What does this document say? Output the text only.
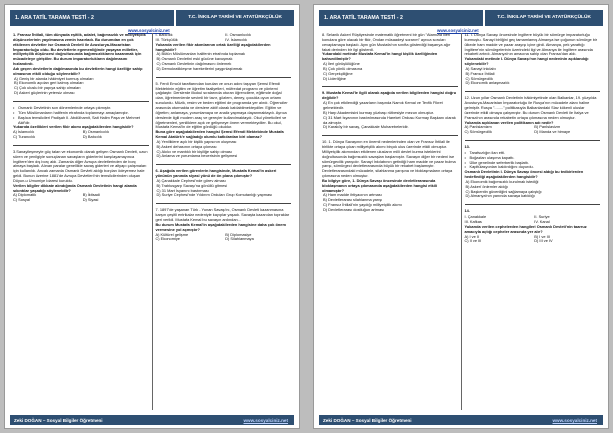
1. ARA TATİL TARAMA TESTİ - 2	T.C. İNKILAP TARİHİ VE ATATÜRKÇÜLÜK
www.sosyalciniz.net
1. Fransız İhtilali, tüm dünyada eşitlik, adalet, bağımsızlık ve milliyetçilik düşüncelerinin yayılmasına zemin hazırladı. Bu durumdan en çok etkilenen devletler ise Osmanlı Devleti ile Avusturya-Macaristan İmparatorluğu oldu. Bu devletlerin egemenliğinde yaşayan milletler, milliyetçilik düşüncesi doğrultusunda bağımsızlıklarını kazanmak için mücadeleye giriştiler. Bu durum imparatorlukların dağılmasını hızlandırdı.
Adı geçen devletlerin dağılmasında bu devletlerin hangi özelliğe sahip olmasının etkili olduğu söylenebilir?
A) Geniş bir alanda hâkimiyet kurmuş olmaları
B) Ekonomik açıdan geri kalmış olmaları
C) Çok uluslu bir yapıya sahip olmaları
D) Askeri güçlerinin yetersiz olması
• Osmanlı Devletinin son dönemlerinde ortaya çıkmıştır.
• Tüm Müslümanların halifenin etrafında toplanmayı amaçlamıştır.
• Başlıca temsilcileri Padişah II. Abdülhamit, Sait Halim Paşa ve Mehmet Akif'dir.
Yukarıda özellikleri verilen fikir akımı aşağıdakilerden hangisidir?
A) İslamcılık	B) Osmanlıcılık
C) Turancılık	D) Batıcılık
3.Sanayileşmeyle güç talan ve ekonomik olarak gelişen Osmanlı Devleti, uzun süren ve yenilgiyle sonuçlanan savaşların giderlerini karşılayamayınca İngiltere'den dış borç aldı. Zamanla diğer Avrupa devletlerinden de borç almaya başladı. Alınan paralar genellikle savaş giderleri ve altyapı çalışmaları için kullanıldı. Ancak zamanla Osmanlı Devleti aldığı borçları ödeyemez hale geldi. Bunun üzerine 1881'de Avrupa Devletleri'nin temsilcilerinden oluşan Düyun-u Umumiye İdaresi kuruldu.
Verilen bilgiler dikkate alındığında Osmanlı Devletinin hangi alanda sıkıntılar yaşadığı söylenebilir?
A) Diplomatik	B) İktisadi
C) Sosyal	D) Siyasi
I. Batıcılık	II. Osmanlıcılık
III. Türkçülük	IV. İslamcılık
Yukarıda verilen fikir akımlarının ortak özelliği aşağıdakilerden hangisidir?
A) Bütün Müslümanları halifenin etrafında toplamak
B) Osmanlı Devletini eski gücüne kavuşmak
C) Osmanlı Devletinin dağılmasını önlemek
D) Demokratikleşme hareketlerini yaygınlaştırmak
5. Ferdi Emcüt taraftarından kurulan ve onun adını taşıyan Şemsi Efendi Mektebinin eğitim ve öğretim faaliyetleri, müfredat programı ve yöntemi çağdaştır. Derslerde ilkokul sıralarında oturan öğrencilere, eğitimde doğal olan, öğretmenlerde sevimli bir tavır, gözlem, deney, çocukla oyun ortamı sunulurdu. Müzik, resim ve beden eğitimi de programda yer alırdı. Öğrenciler arasında oturmakta ve derslere aktif olarak katılabilmekteydiler. Eğitim ve öğretim; anlamaya, yorumlamaya ve analiz yapmaya dayanmaktaydı. Ayrıca derslerde ilgili modern araç ve gereçler kullanılmaktaydı. Okul yöneticileri ve öğretmenleri, yeniliklere açık ve gelişmeye önem vermekteydiler. Bu okul, Mustafa Kemal'in de eğitim gördüğü okuldur.
Buna göre aşağıdakilerden hangisi Şemsi Efendi Mektebinde Mustafa Kemal Atatürk'e sağladığı olumlu katkılardan biri olamaz?
A) Yeniliklere açık bir kişilik yapısının oluşması
B) Askeri dehasının ortaya çıkması
C) Akılcı ve mantıklı bir kişiliğe sahip olması
D) Anlama ve yorumlama becerisinin gelişmesi
6. Aşağıda verilen görevlerin hangisinde, Mustafa Kemal'in askeri yönünün yanında siyasi yönü de ön plana çıkmıştır?
A) Çanakkale Cephesi'nde görev alması
B) Trablusgarp Savaşı'na gönüllü gitmesi
C) 31 Mart İsyanını bastırması
D) Suriye Cephesi'nde Yıldırım Orduları Grup Komutanlığı yapması
7. 1897'de yaşanan Türk - Yunan Savaşı'nı, Osmanlı Devleti kazanmasına karşın çeşitli entrikalar nedeniyle kayıplar yaşadı. Savaşta kazanılan topraklar geri verildi. Mustafa Kemal bu savaşın ardından...
Bu durum Mustafa Kemal'in aşağıdakilerden hangisine daha çok önem vermesine yol açmıştır?
A) Kültürel gelişme	B) Diplomasiye
C) Ekonomiye	D) Silahlanmaya
Zeki DOĞAN – Sosyal Bilgiler Öğretmeni	www.sosyalciniz.net
1. ARA TATİL TARAMA TESTİ - 2	T.C. İNKILAP TARİHİ VE ATATÜRKÇÜLÜK
www.sosyalciniz.net
8. Selanik Askeri Rüştiyesinde matematik öğretmeni bir gün "Atamızla illeri konulara göre olacak bir fikir, Ondan müsaadeyi sorarım" ayrıca soruları cevaplamaya başladı. Aynı gün Mustafa'nın sınıfta gösterdiği başarıya ağır fakat derinden bir ilgi gösterdi.
Yukarıdaki metinde Mustafa Kemal'in hangi kişilik özelliğinden bahsedilmiştir?
A) İleri görüşlülüğüne
B) Çok yönlü olmasına
C) Gerçekçiliğine
D) Liderliğine
9. Mustafa Kemal'le ilgili olarak aşağıda verilen bilgilerden hangisi doğru değildir?
A) En çok etkilendiği yazarların başında Namık Kemal ve Tevfik Fikret gelmektedir.
B) Harp Akademisini kurmay yüzbaşı rütbesiyle mezun olmuştur.
C) 31 Mart İsyanının bastırılmasında Hareket Ordusu Kurmay Başkanı olarak da almıştır.
D) Karaköy bir savaş, Çanakkale Muharebeleridir.
10. 1. Dünya Savaşının en önemli nedenlerinden olan ve Fransız İhtilali ile birlikte ortaya çıkan milliyetçilik akımı birçok ulus üzerinde etkili olmuştur. Milliyetçilik akımından etkilenen ulusların milli devlet kurma isteklerini doğrultusunda bağımsızlık savaşları başlamıştır. Savaşın diğer bir nedeni ise sömürgecilik yarışıdır. Sanayi İnkılabının getirdiği ham madde ve pazar bulma yarışı, sömürgeci devletlerarasında büyük bir rekabet başlamıştır. Devletlerarasındaki mücadele, silahlanma yarışına ve bloklaşmaların ortaya çıkmasına neden olmuştur.
Bu bilgiye göre, 1. Dünya Savaşı öncesinde devletlerarasında bloklaşmanın ortaya çıkmasında aşağıdakilerden hangisi etkili olmamıştır?
A) Ham madde ihtiyacının artması
B) Devletlerarası silahlanma yarışı
C) Fransız İhtilali'nin yaydığı milliyetçilik akımı
D) Devletlerarası dostluğun artması
11. I. Dünya Savaşı öncesinde İngiltere büyük bir sömürge imparatorluğu kurmuştu. Sanayi birliğini geç tamamlamış Almanya ise çoğunun sömürge bir ülkede ham madde ve pazar arayışı içine girdi. Almanya, pek yarattığı İngiltere'nin sömürgelerinin üzerindeki ilgi ve Almanya ile İngiltere arasında rekabeti artırdı. Almanya'nın amacına sahip olan Fransa'dan aldı.
Yukarıdaki metinde I. Dünya Savaşı'nın hangi nedeninin açıklandığı söylenebilir?
A) Sanayi inkılabı
B) Fransız İhtilali
C) Sömürgecilik
D) Ekonomik anlaşmazlık
12. Uzun yıllar Osmanlı Devletinin hâkimiyetinde olan Balkanlar, 19. yüzyılda Avusturya-Macaristan İmparatorluğu ile Rusya'nın mücadele alanı haline gelmiştir. Rusya "........" politikasıyla Balkanlardaki Slav kökenli uluslar üzerinde etkili olmaya çalışmıştır. Bu durum Osmanlı Devleti ile İtalya ve Fransa'nın arasında rekabetin ortaya çıkmasına neden olmuştur.
Yukarıda açıklanan verilen politikanın adı nedir?
A) Panİslamizm	B) Panİslavizm
C) Sömürgecilik	D) Manda ve himaye
13.
• Tarafsızlığın ilan etti.
• Boğazları ulaşıma kapattı.
• Ülke genelinde seferberlik başlattı.
• Kapitülasyonları kaldırdığını duyurdu.
Osmanlı Devletinin I. Dünya Savaşı öncesi aldığı bu tedbirlerden hedeflediği aşağıdakilerden hangisidir?
A) Ekonomik bağımsızlık kurulmak istediği
B) Askerî önlemler aldığı
C) Başkentin güvenliğini sağlamaya çalıştığı
D) Almanya'nın yanında savaşa katıldığı
14.
I. Çanakkale	II. Suriye
III. Kafkas	IV. Kanal
Yukarıda verilen cephelerden hangileri Osmanlı Devleti'nin taarruz amacıyla açtığı cepheler arasında yer alır?
A) I ve II	B) I ve III
C) II ve III	D) III ve IV
Zeki DOĞAN – Sosyal Bilgiler Öğretmeni	www.sosyalciniz.net
